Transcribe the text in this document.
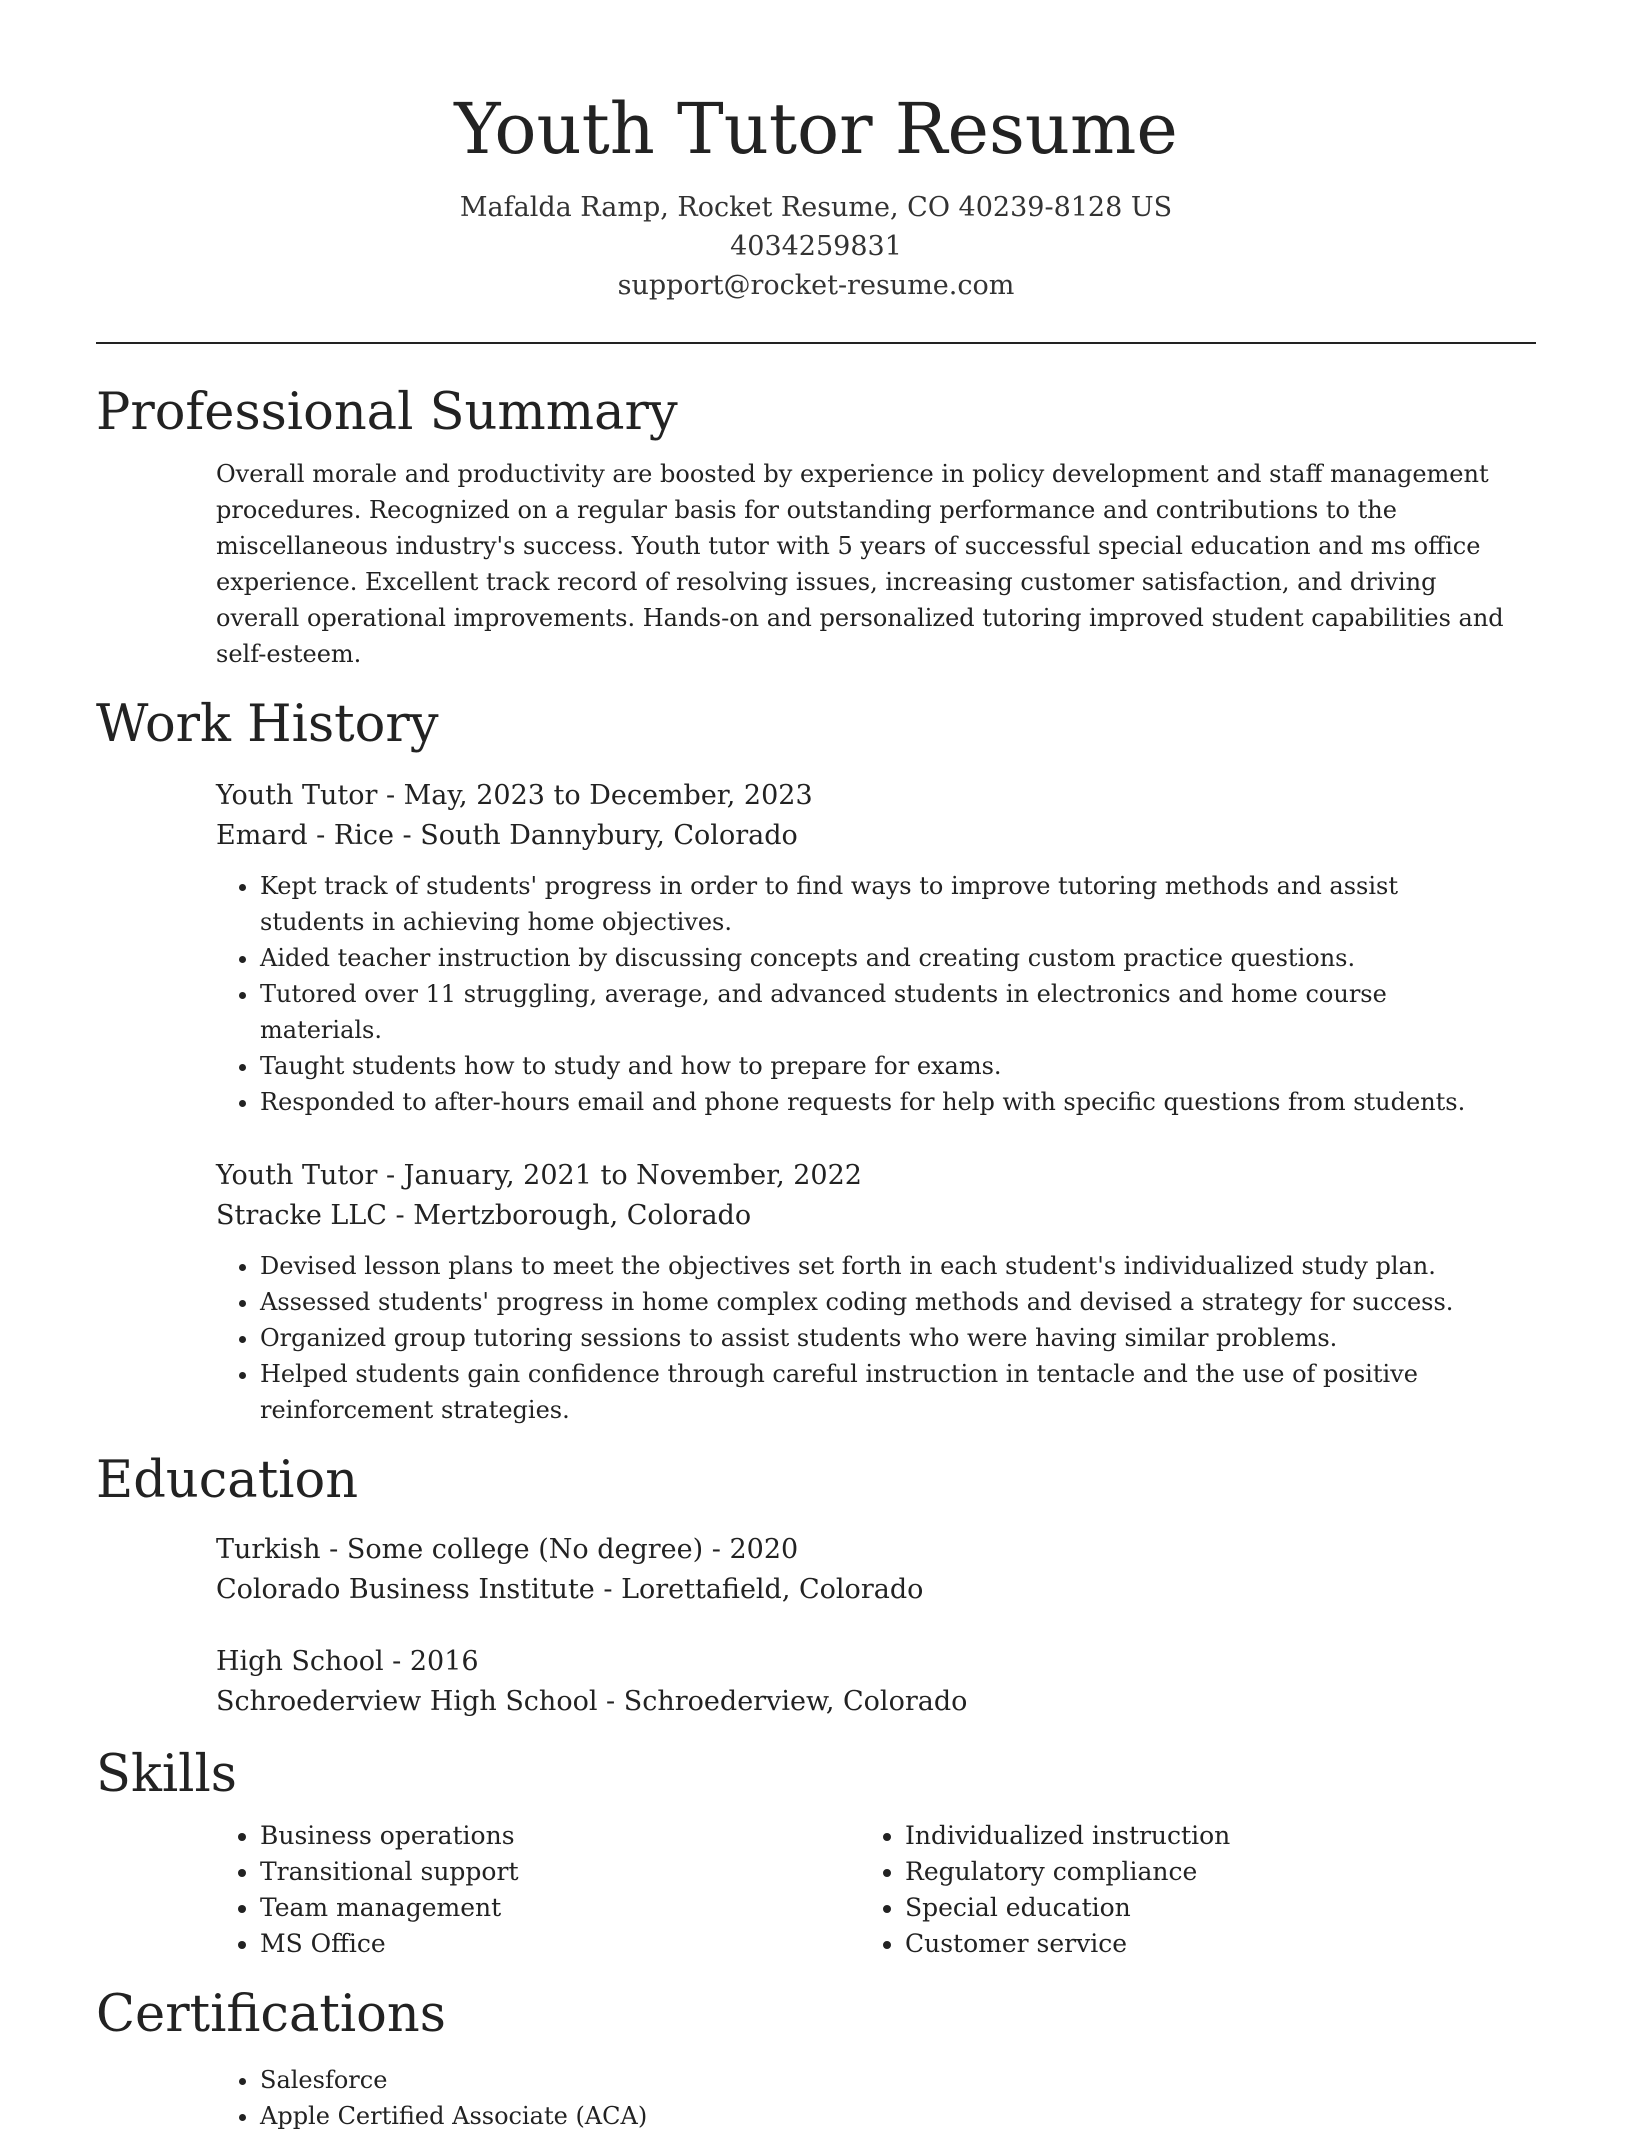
Youth Tutor Resume
Mafalda Ramp, Rocket Resume, CO 40239-8128 US
4034259831
support@rocket-resume.com
Professional Summary

Overall morale and productivity are boosted by experience in policy development and staff management procedures. Recognized on a regular basis for outstanding performance and contributions to the miscellaneous industry's success. Youth tutor with 5 years of successful special education and ms office experience. Excellent track record of resolving issues, increasing customer satisfaction, and driving overall operational improvements. Hands-on and personalized tutoring improved student capabilities and self-esteem.

Work History

Youth Tutor - May, 2023 to December, 2023

Emard - Rice - South Dannybury, Colorado

• Kept track of students' progress in order to find ways to improve tutoring methods and assist students in achieving home objectives.
• Aided teacher instruction by discussing concepts and creating custom practice questions.
• Tutored over 11 struggling, average, and advanced students in electronics and home course materials.
• Taught students how to study and how to prepare for exams.
• Responded to after-hours email and phone requests for help with specific questions from students.

Youth Tutor - January, 2021 to November, 2022

Stracke LLC - Mertzborough, Colorado

• Devised lesson plans to meet the objectives set forth in each student's individualized study plan.
• Assessed students' progress in home complex coding methods and devised a strategy for success.
• Organized group tutoring sessions to assist students who were having similar problems.
• Helped students gain confidence through careful instruction in tentacle and the use of positive reinforcement strategies.
Education

Turkish - Some college (No degree) - 2020

Colorado Business Institute - Lorettafield, Colorado

High School - 2016

Schroederview High School - Schroederview, Colorado

Skills
• Business operations
• Transitional support
• Team management
• MS Office
• Individualized instruction
• Regulatory compliance
• Special education
• Customer service
Certifications
• Salesforce
• Apple Certified Associate (ACA)
